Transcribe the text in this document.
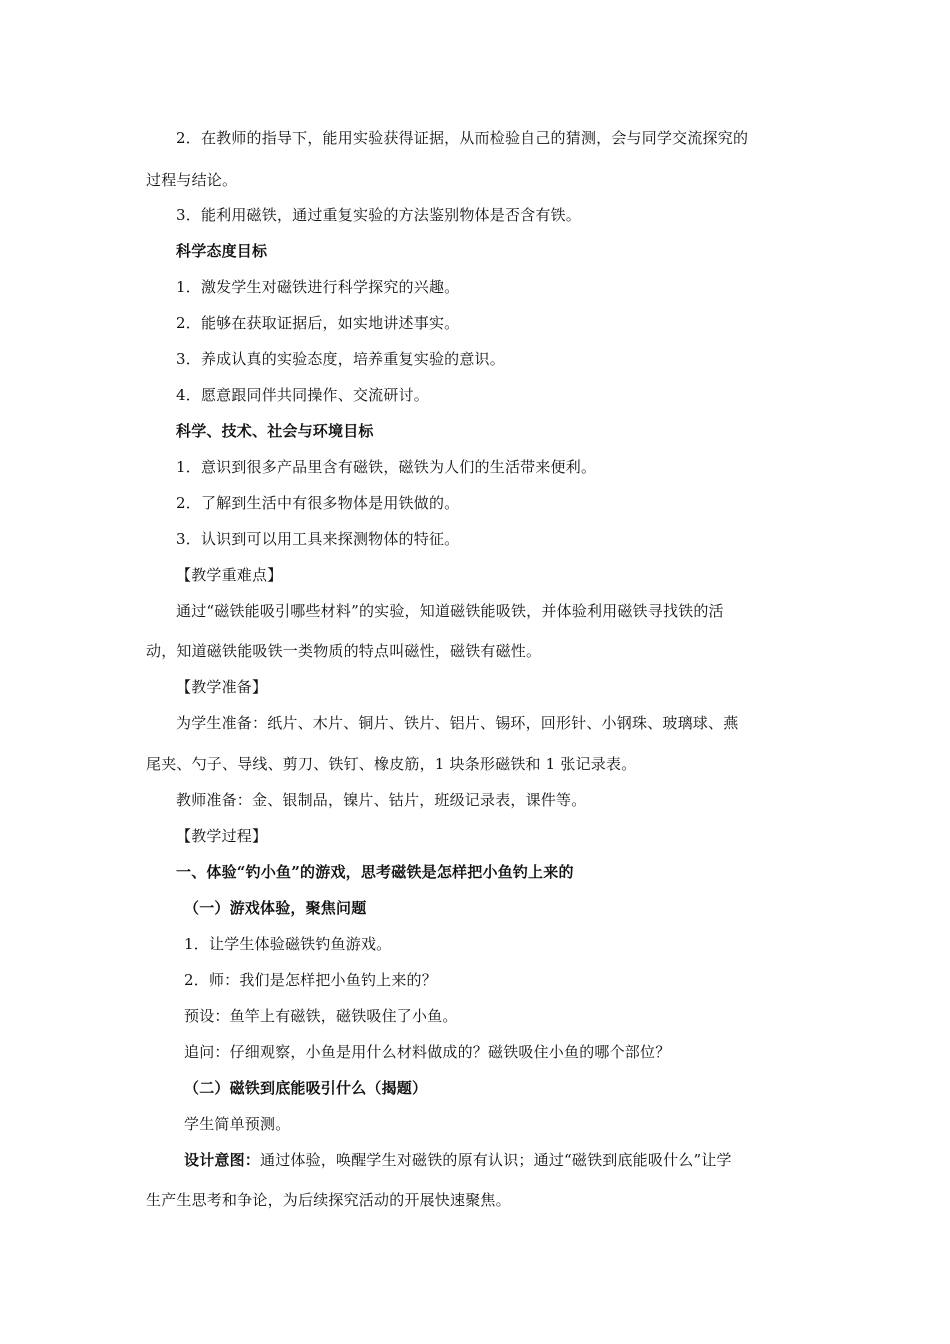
2．在教师的指导下，能用实验获得证据，从而检验自己的猜测，会与同学交流探究的
过程与结论。
3．能利用磁铁，通过重复实验的方法鉴别物体是否含有铁。
科学态度目标
1．激发学生对磁铁进行科学探究的兴趣。
2．能够在获取证据后，如实地讲述事实。
3．养成认真的实验态度，培养重复实验的意识。
4．愿意跟同伴共同操作、交流研讨。
科学、技术、社会与环境目标
1．意识到很多产品里含有磁铁，磁铁为人们的生活带来便利。
2．了解到生活中有很多物体是用铁做的。
3．认识到可以用工具来探测物体的特征。
【教学重难点】
通过“磁铁能吸引哪些材料”的实验，知道磁铁能吸铁，并体验利用磁铁寻找铁的活
动，知道磁铁能吸铁一类物质的特点叫磁性，磁铁有磁性。
【教学准备】
为学生准备：纸片、木片、铜片、铁片、铝片、锡环，回形针、小钢珠、玻璃球、燕
尾夹、勺子、导线、剪刀、铁钉、橡皮筋，1 块条形磁铁和 1 张记录表。
教师准备：金、银制品，镍片、钴片，班级记录表，课件等。
【教学过程】
一、体验“钓小鱼”的游戏，思考磁铁是怎样把小鱼钓上来的
（一）游戏体验，聚焦问题
1．让学生体验磁铁钓鱼游戏。
2．师：我们是怎样把小鱼钓上来的？
预设：鱼竿上有磁铁，磁铁吸住了小鱼。
追问：仔细观察，小鱼是用什么材料做成的？磁铁吸住小鱼的哪个部位？
（二）磁铁到底能吸引什么（揭题）
学生简单预测。
设计意图：通过体验，唤醒学生对磁铁的原有认识；通过“磁铁到底能吸什么”让学
生产生思考和争论，为后续探究活动的开展快速聚焦。
